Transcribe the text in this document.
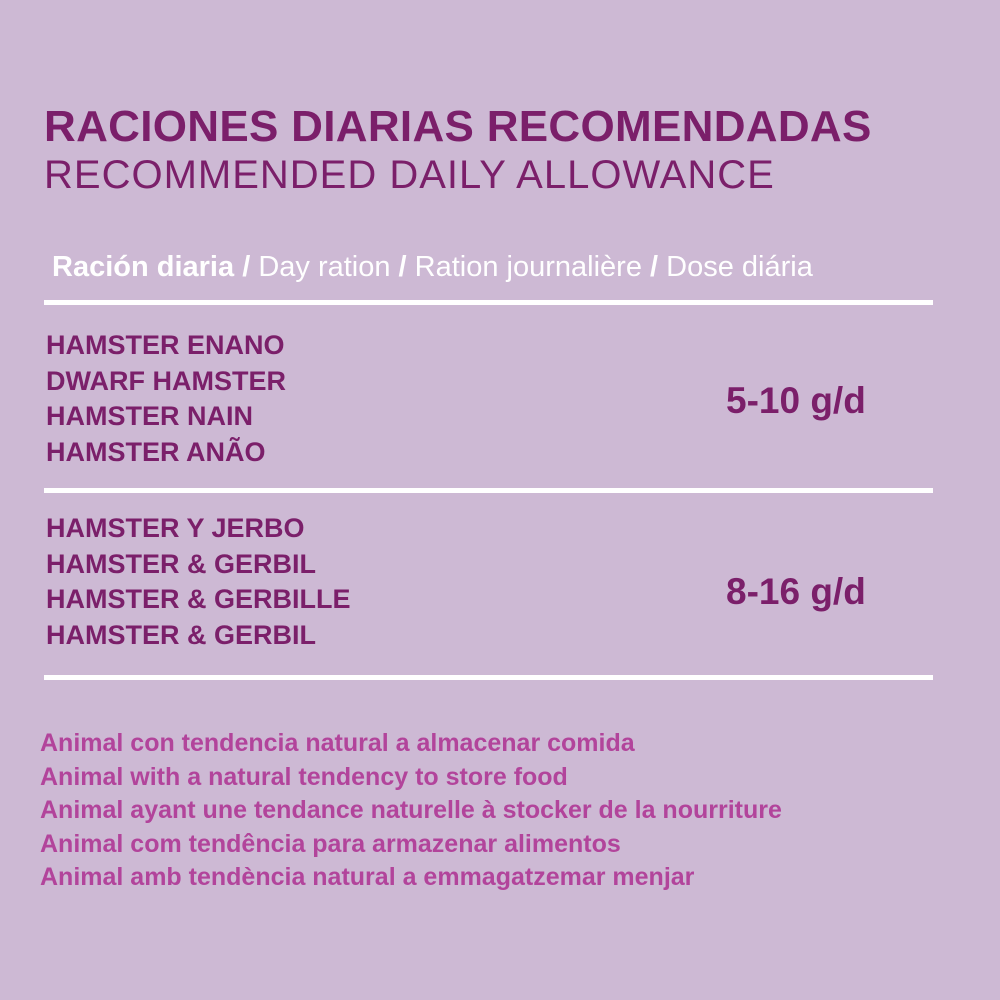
RACIONES DIARIAS RECOMENDADAS
RECOMMENDED DAILY ALLOWANCE
Ración diaria / Day ration / Ration journalière / Dose diária
HAMSTER ENANO
DWARF HAMSTER
HAMSTER NAIN
HAMSTER ANÃO
5-10 g/d
HAMSTER Y JERBO
HAMSTER & GERBIL
HAMSTER & GERBILLE
HAMSTER & GERBIL
8-16 g/d
Animal con tendencia natural a almacenar comida
Animal with a natural tendency to store food
Animal ayant une tendance naturelle à stocker de la nourriture
Animal com tendência para armazenar alimentos
Animal amb tendència natural a emmagatzemar menjar
